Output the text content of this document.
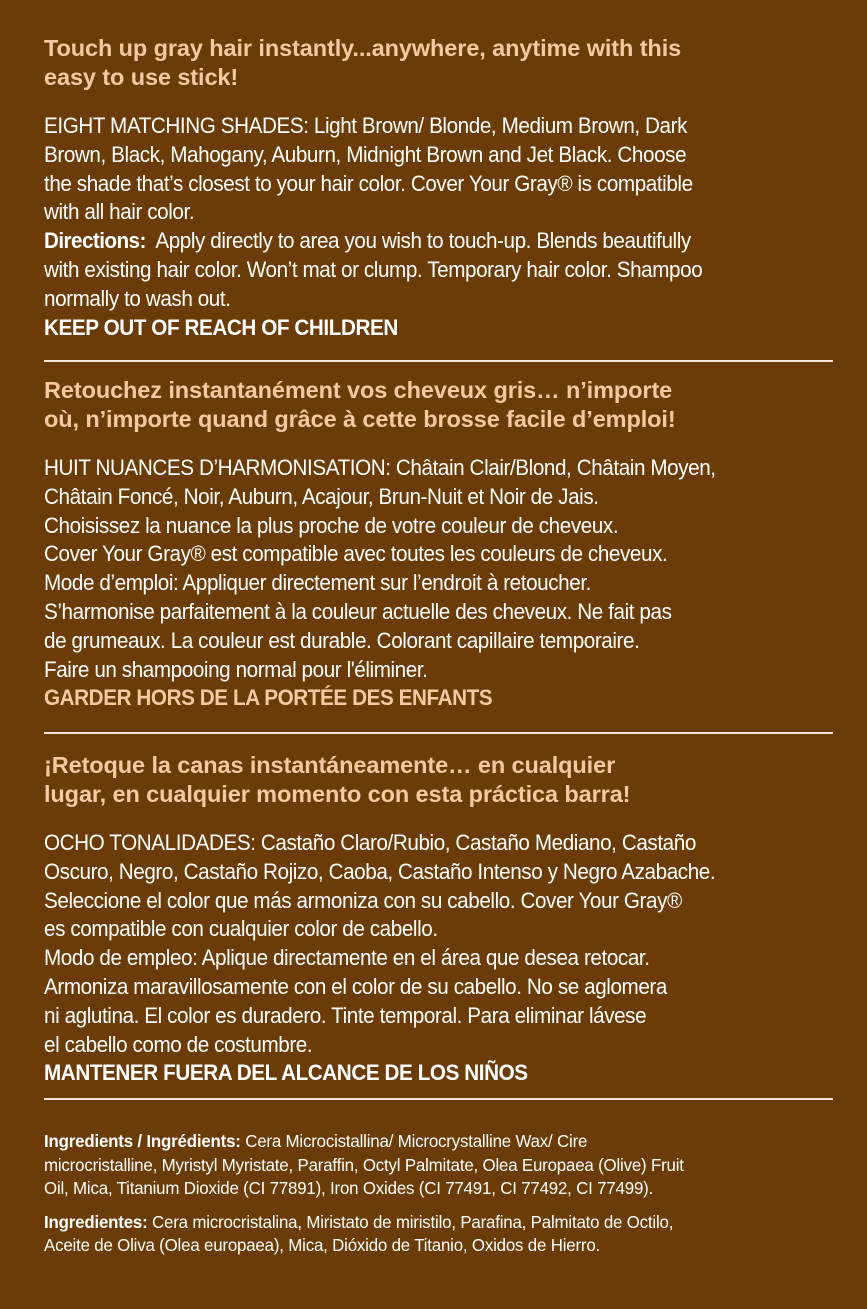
Touch up gray hair instantly...anywhere, anytime with this
easy to use stick!

EIGHT MATCHING SHADES: Light Brown/ Blonde, Medium Brown, Dark

Brown, Black, Mahogany, Auburn, Midnight Brown and Jet Black. Choose

the shade that’s closest to your hair color. Cover Your Gray® is compatible

with all hair color.

Directions: Apply directly to area you wish to touch-up. Blends beautifully

with existing hair color. Won’t mat or clump. Temporary hair color. Shampoo

normally to wash out.

KEEP OUT OF REACH OF CHILDREN

Retouchez instantanément vos cheveux gris… n’importe
où, n’importe quand grâce à cette brosse facile d’emploi!

HUIT NUANCES D’HARMONISATION: Châtain Clair/Blond, Châtain Moyen,

Châtain Foncé, Noir, Auburn, Acajour, Brun-Nuit et Noir de Jais.

Choisissez la nuance la plus proche de votre couleur de cheveux.

Cover Your Gray® est compatible avec toutes les couleurs de cheveux.

Mode d’emploi: Appliquer directement sur l’endroit à retoucher.

S’harmonise parfaitement à la couleur actuelle des cheveux. Ne fait pas

de grumeaux. La couleur est durable. Colorant capillaire temporaire.

Faire un shampooing normal pour l'éliminer.

GARDER HORS DE LA PORTÉE DES ENFANTS

¡Retoque la canas instantáneamente… en cualquier
lugar, en cualquier momento con esta práctica barra!

OCHO TONALIDADES: Castaño Claro/Rubio, Castaño Mediano, Castaño

Oscuro, Negro, Castaño Rojizo, Caoba, Castaño Intenso y Negro Azabache.

Seleccione el color que más armoniza con su cabello. Cover Your Gray®

es compatible con cualquier color de cabello.

Modo de empleo: Aplique directamente en el área que desea retocar.

Armoniza maravillosamente con el color de su cabello. No se aglomera

ni aglutina. El color es duradero. Tinte temporal. Para eliminar lávese

el cabello como de costumbre.

MANTENER FUERA DEL ALCANCE DE LOS NIÑOS

Ingredients / Ingrédients: Cera Microcistallina/ Microcrystalline Wax/ Cire

microcristalline, Myristyl Myristate, Paraffin, Octyl Palmitate, Olea Europaea (Olive) Fruit

Oil, Mica, Titanium Dioxide (CI 77891), Iron Oxides (CI 77491, CI 77492, CI 77499).

Ingredientes: Cera microcristalina, Miristato de miristilo, Parafina, Palmitato de Octilo,

Aceite de Oliva (Olea europaea), Mica, Dióxido de Titanio, Oxidos de Hierro.
